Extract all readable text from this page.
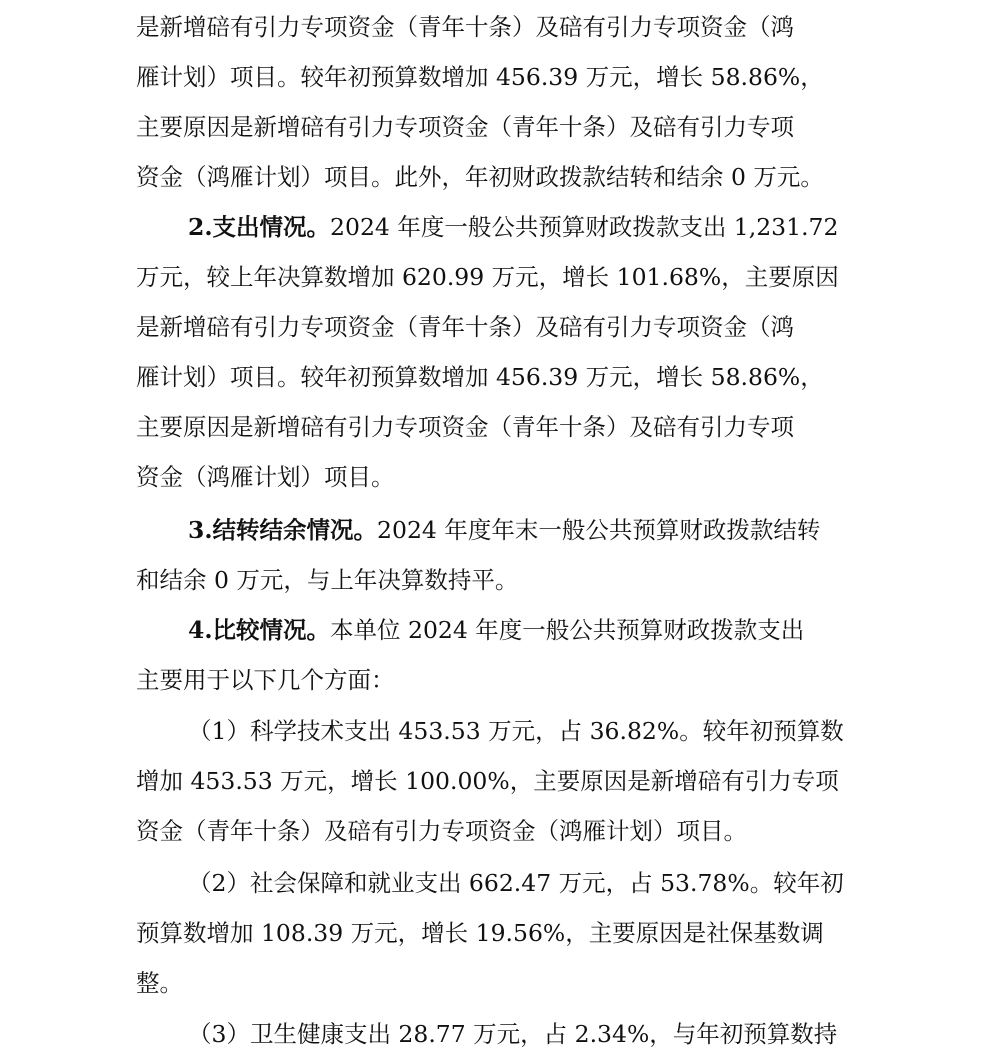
是新增碚有引力专项资金（青年十条）及碚有引力专项资金（鸿
雁计划）项目。较年初预算数增加 456.39 万元，增长 58.86%，
主要原因是新增碚有引力专项资金（青年十条）及碚有引力专项
资金（鸿雁计划）项目。此外，年初财政拨款结转和结余 0 万元。
2.支出情况。2024 年度一般公共预算财政拨款支出 1,231.72
万元，较上年决算数增加 620.99 万元，增长 101.68%，主要原因
是新增碚有引力专项资金（青年十条）及碚有引力专项资金（鸿
雁计划）项目。较年初预算数增加 456.39 万元，增长 58.86%，
主要原因是新增碚有引力专项资金（青年十条）及碚有引力专项
资金（鸿雁计划）项目。
3.结转结余情况。2024 年度年末一般公共预算财政拨款结转
和结余 0 万元，与上年决算数持平。
4.比较情况。本单位 2024 年度一般公共预算财政拨款支出
主要用于以下几个方面：
（1）科学技术支出 453.53 万元，占 36.82%。较年初预算数
增加 453.53 万元，增长 100.00%，主要原因是新增碚有引力专项
资金（青年十条）及碚有引力专项资金（鸿雁计划）项目。
（2）社会保障和就业支出 662.47 万元，占 53.78%。较年初
预算数增加 108.39 万元，增长 19.56%，主要原因是社保基数调
整。
（3）卫生健康支出 28.77 万元，占 2.34%，与年初预算数持
